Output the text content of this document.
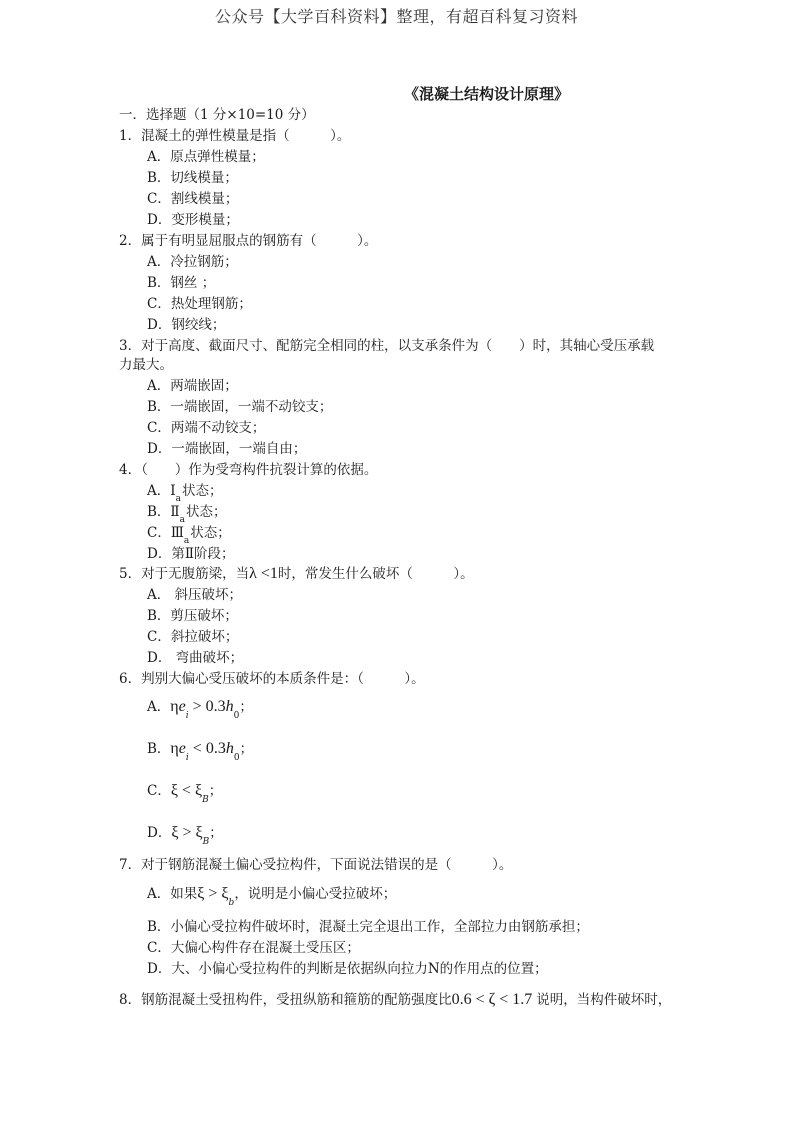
公众号【大学百科资料】整理，有超百科复习资料
《混凝土结构设计原理》
一．选择题（1 分×10=10 分）
1．混凝土的弹性模量是指（　　　）。
A．原点弹性模量；
B．切线模量；
C．割线模量；
D．变形模量；
2．属于有明显屈服点的钢筋有（　　　）。
A．冷拉钢筋；
B．钢丝 ；
C．热处理钢筋；
D．钢绞线；
3．对于高度、截面尺寸、配筋完全相同的柱，以支承条件为（　　）时，其轴心受压承载
力最大。
A．两端嵌固；
B．一端嵌固，一端不动铰支；
C．两端不动铰支；
D．一端嵌固，一端自由；
4．（　　）作为受弯构件抗裂计算的依据。
A．$Ⅰ_a$状态；
B．$Ⅱ_a$状态；
C．$Ⅲ_a$状态；
D．第Ⅱ阶段；
5．对于无腹筋梁，当λ <1时，常发生什么破坏（　　　）。
A． 斜压破坏；
B．剪压破坏；
C．斜拉破坏；
D． 弯曲破坏；
6．判别大偏心受压破坏的本质条件是：（　　　）。
A．$\eta e_i > 0.3h_0$；
B．$\eta e_i < 0.3h_0$；
C．$\xi < \xi_B$；
D．$\xi > \xi_B$；
7．对于钢筋混凝土偏心受拉构件，下面说法错误的是（　　　）。
A．如果$\xi > \xi_b$，说明是小偏心受拉破坏；
B．小偏心受拉构件破坏时，混凝土完全退出工作，全部拉力由钢筋承担；
C．大偏心构件存在混凝土受压区；
D．大、小偏心受拉构件的判断是依据纵向拉力N的作用点的位置；
8．钢筋混凝土受扭构件，受扭纵筋和箍筋的配筋强度比0.6 < ζ < 1.7 说明，当构件破坏时，
